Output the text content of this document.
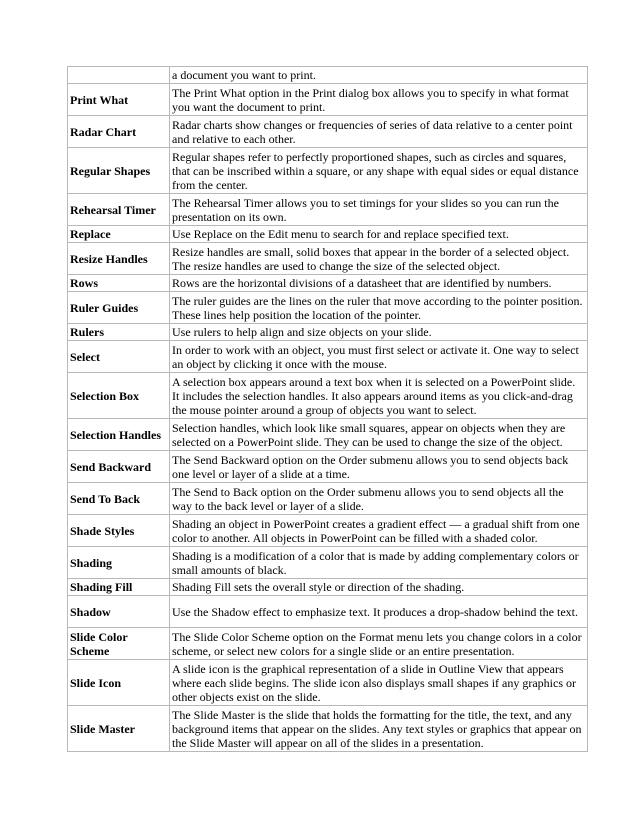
	a document you want to print.
Print What	The Print What option in the Print dialog box allows you to specify in what format you want the document to print.
Radar Chart	Radar charts show changes or frequencies of series of data relative to a center point and relative to each other.
Regular Shapes	Regular shapes refer to perfectly proportioned shapes, such as circles and squares, that can be inscribed within a square, or any shape with equal sides or equal distance from the center.
Rehearsal Timer	The Rehearsal Timer allows you to set timings for your slides so you can run the presentation on its own.
Replace	Use Replace on the Edit menu to search for and replace specified text.
Resize Handles	Resize handles are small, solid boxes that appear in the border of a selected object. The resize handles are used to change the size of the selected object.
Rows	Rows are the horizontal divisions of a datasheet that are identified by numbers.
Ruler Guides	The ruler guides are the lines on the ruler that move according to the pointer position. These lines help position the location of the pointer.
Rulers	Use rulers to help align and size objects on your slide.
Select	In order to work with an object, you must first select or activate it. One way to select an object by clicking it once with the mouse.
Selection Box	A selection box appears around a text box when it is selected on a PowerPoint slide. It includes the selection handles. It also appears around items as you click-and-drag the mouse pointer around a group of objects you want to select.
Selection Handles	Selection handles, which look like small squares, appear on objects when they are selected on a PowerPoint slide. They can be used to change the size of the object.
Send Backward	The Send Backward option on the Order submenu allows you to send objects back one level or layer of a slide at a time.
Send To Back	The Send to Back option on the Order submenu allows you to send objects all the way to the back level or layer of a slide.
Shade Styles	Shading an object in PowerPoint creates a gradient effect — a gradual shift from one color to another. All objects in PowerPoint can be filled with a shaded color.
Shading	Shading is a modification of a color that is made by adding complementary colors or small amounts of black.
Shading Fill	Shading Fill sets the overall style or direction of the shading.
Shadow	Use the Shadow effect to emphasize text. It produces a drop-shadow behind the text.
Slide Color Scheme	The Slide Color Scheme option on the Format menu lets you change colors in a color scheme, or select new colors for a single slide or an entire presentation.
Slide Icon	A slide icon is the graphical representation of a slide in Outline View that appears where each slide begins. The slide icon also displays small shapes if any graphics or other objects exist on the slide.
Slide Master	The Slide Master is the slide that holds the formatting for the title, the text, and any background items that appear on the slides. Any text styles or graphics that appear on the Slide Master will appear on all of the slides in a presentation.
